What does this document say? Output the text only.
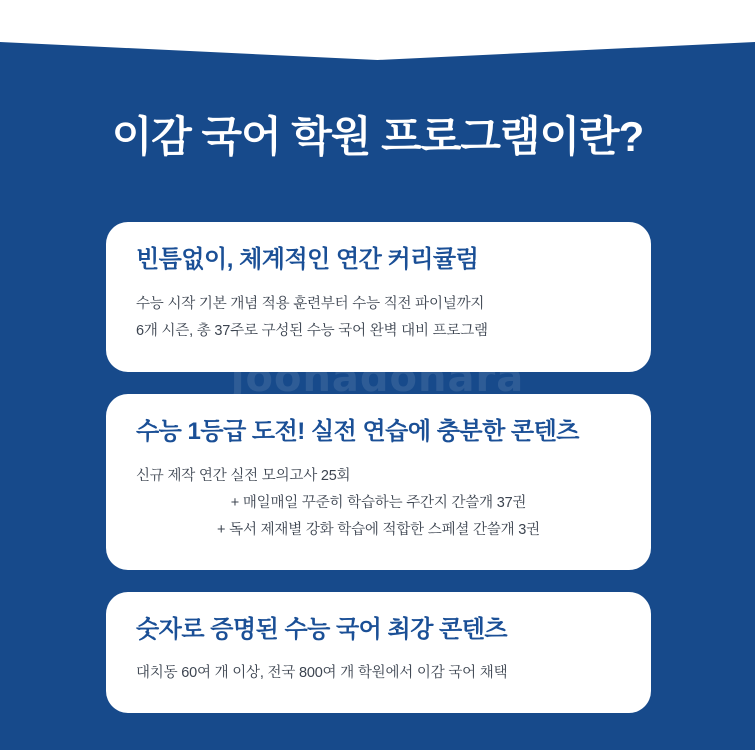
joonadonara
이감 국어 학원 프로그램이란?
빈틈없이, 체계적인 연간 커리큘럼
수능 시작 기본 개념 적용 훈련부터 수능 직전 파이널까지
6개 시즌, 총 37주로 구성된 수능 국어 완벽 대비 프로그램
수능 1등급 도전! 실전 연습에 충분한 콘텐츠
신규 제작 연간 실전 모의고사 25회
+ 매일매일 꾸준히 학습하는 주간지 간쓸개 37권
+ 독서 제재별 강화 학습에 적합한 스페셜 간쓸개 3권
숫자로 증명된 수능 국어 최강 콘텐츠
대치동 60여 개 이상, 전국 800여 개 학원에서 이감 국어 채택
